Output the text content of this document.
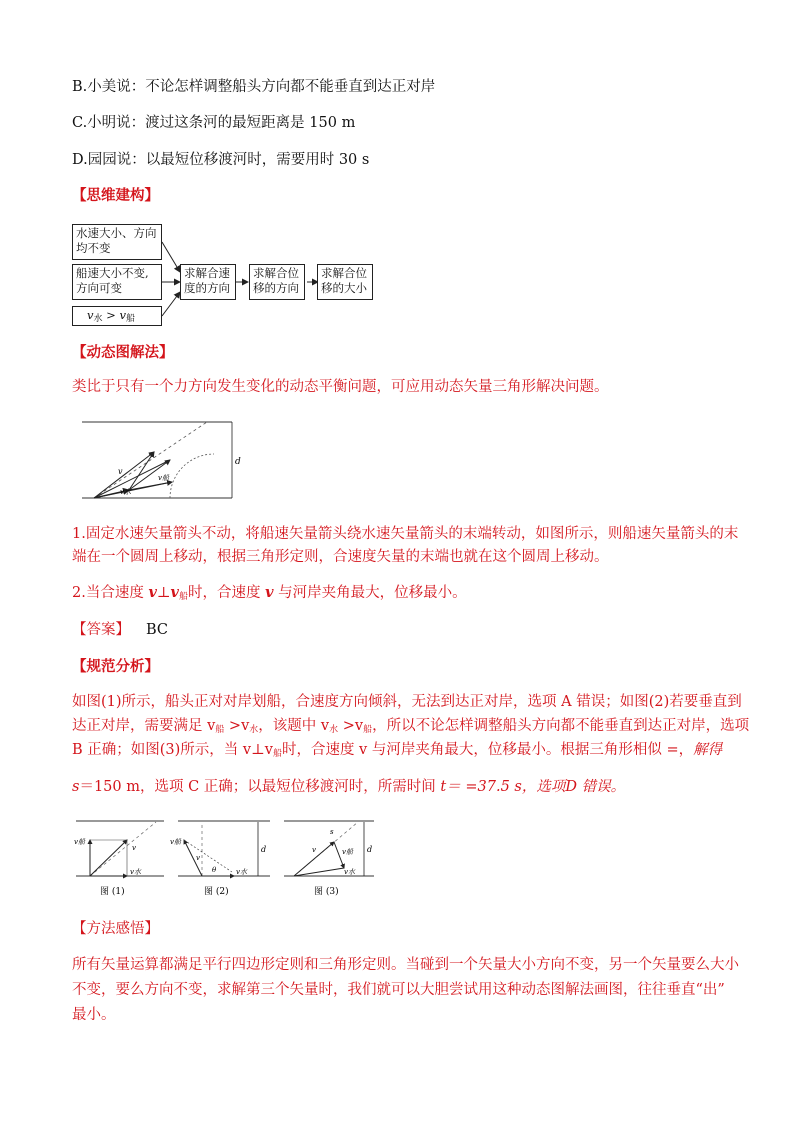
B.小美说：不论怎样调整船头方向都不能垂直到达正对岸
C.小明说：渡过这条河的最短距离是 150 m
D.园园说：以最短位移渡河时，需要用时 30 s
【思维建构】
水速大小、方向均不变
船速大小不变,方向可变
$v_水 > v_船$
求解合速度的方向
求解合位移的方向
求解合位移的大小
【动态图解法】
类比于只有一个力方向发生变化的动态平衡问题，可应用动态矢量三角形解决问题。
v
v水
v船
d
1.固定水速矢量箭头不动，将船速矢量箭头绕水速矢量箭头的末端转动，如图所示，则船速矢量箭头的末
端在一个圆周上移动，根据三角形定则，合速度矢量的末端也就在这个圆周上移动。
2.当合速度 $v\perp v_船$时，合速度 v 与河岸夹角最大，位移最小。
【答案】 BC
【规范分析】
如图(1)所示，船头正对对岸划船，合速度方向倾斜，无法到达正对岸，选项 A 错误；如图(2)若要垂直到
达正对岸，需要满足 $v_船 >v_水$，该题中 $v_水 >v_船$，所以不论怎样调整船头方向都不能垂直到达正对岸，选项
B 正确；如图(3)所示，当 $v\perp v_船$时，合速度 v 与河岸夹角最大，位移最小。根据三角形相似 =，解得
s＝150 m，选项 C 正确；以最短位移渡河时，所需时间 t＝ =37.5 s，选项D 错误。
v船
v
v水
图 (1)
v船
v
θ	v水
d
图 (2)
s
v	v船
v水
d
图 (3)
【方法感悟】
所有矢量运算都满足平行四边形定则和三角形定则。当碰到一个矢量大小方向不变，另一个矢量要么大小
不变，要么方向不变，求解第三个矢量时，我们就可以大胆尝试用这种动态图解法画图，往往垂直“出”
最小。
